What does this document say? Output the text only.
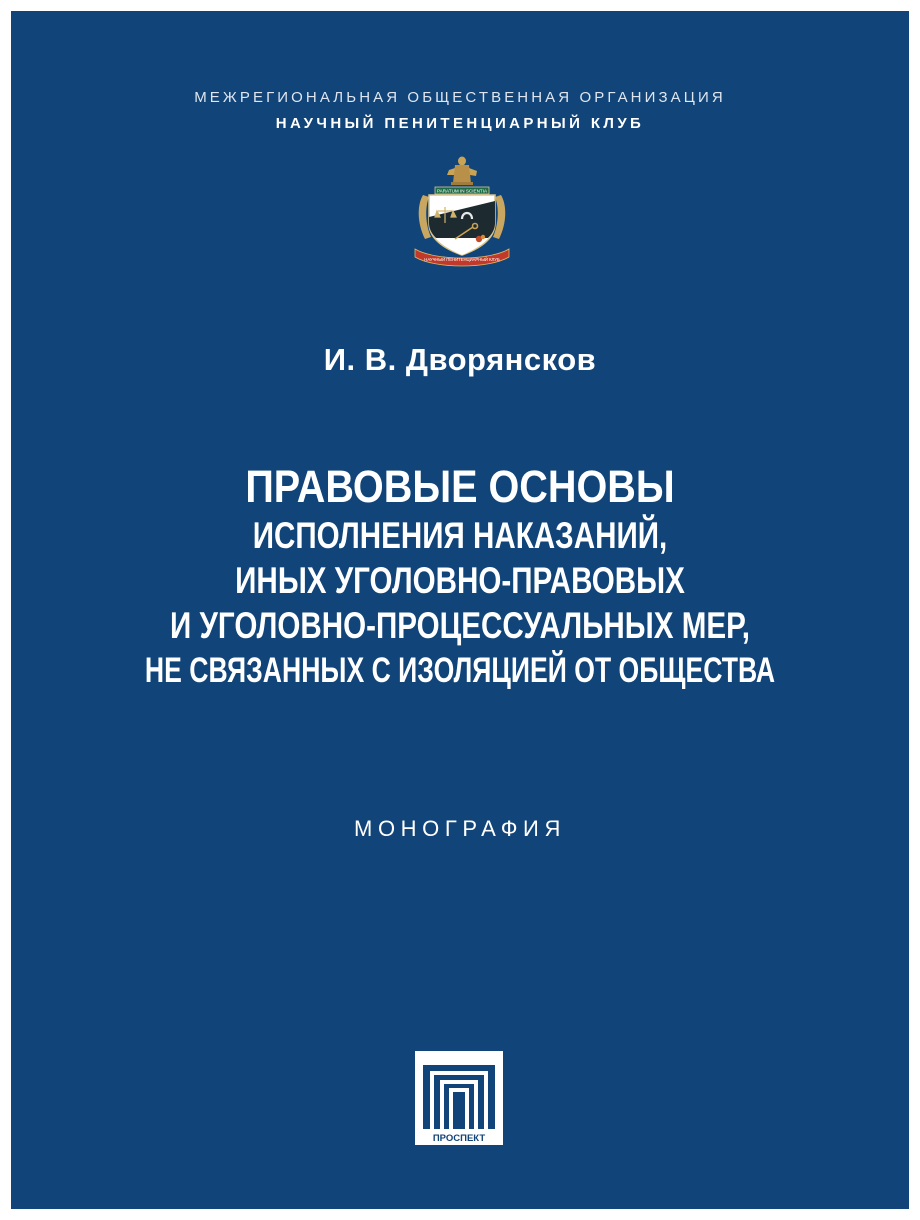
МЕЖРЕГИОНАЛЬНАЯ ОБЩЕСТВЕННАЯ ОРГАНИЗАЦИЯ
НАУЧНЫЙ ПЕНИТЕНЦИАРНЫЙ КЛУБ
PARATUM IN SCIENTIA
НАУЧНЫЙ ПЕНИТЕНЦИАРНЫЙ КЛУБ
И. В. Дворянсков
ПРАВОВЫЕ ОСНОВЫ
ИСПОЛНЕНИЯ НАКАЗАНИЙ,
ИНЫХ УГОЛОВНО-ПРАВОВЫХ
И УГОЛОВНО-ПРОЦЕССУАЛЬНЫХ МЕР,
НЕ СВЯЗАННЫХ С ИЗОЛЯЦИЕЙ ОТ ОБЩЕСТВА
МОНОГРАФИЯ
ПРОСПЕКТ
